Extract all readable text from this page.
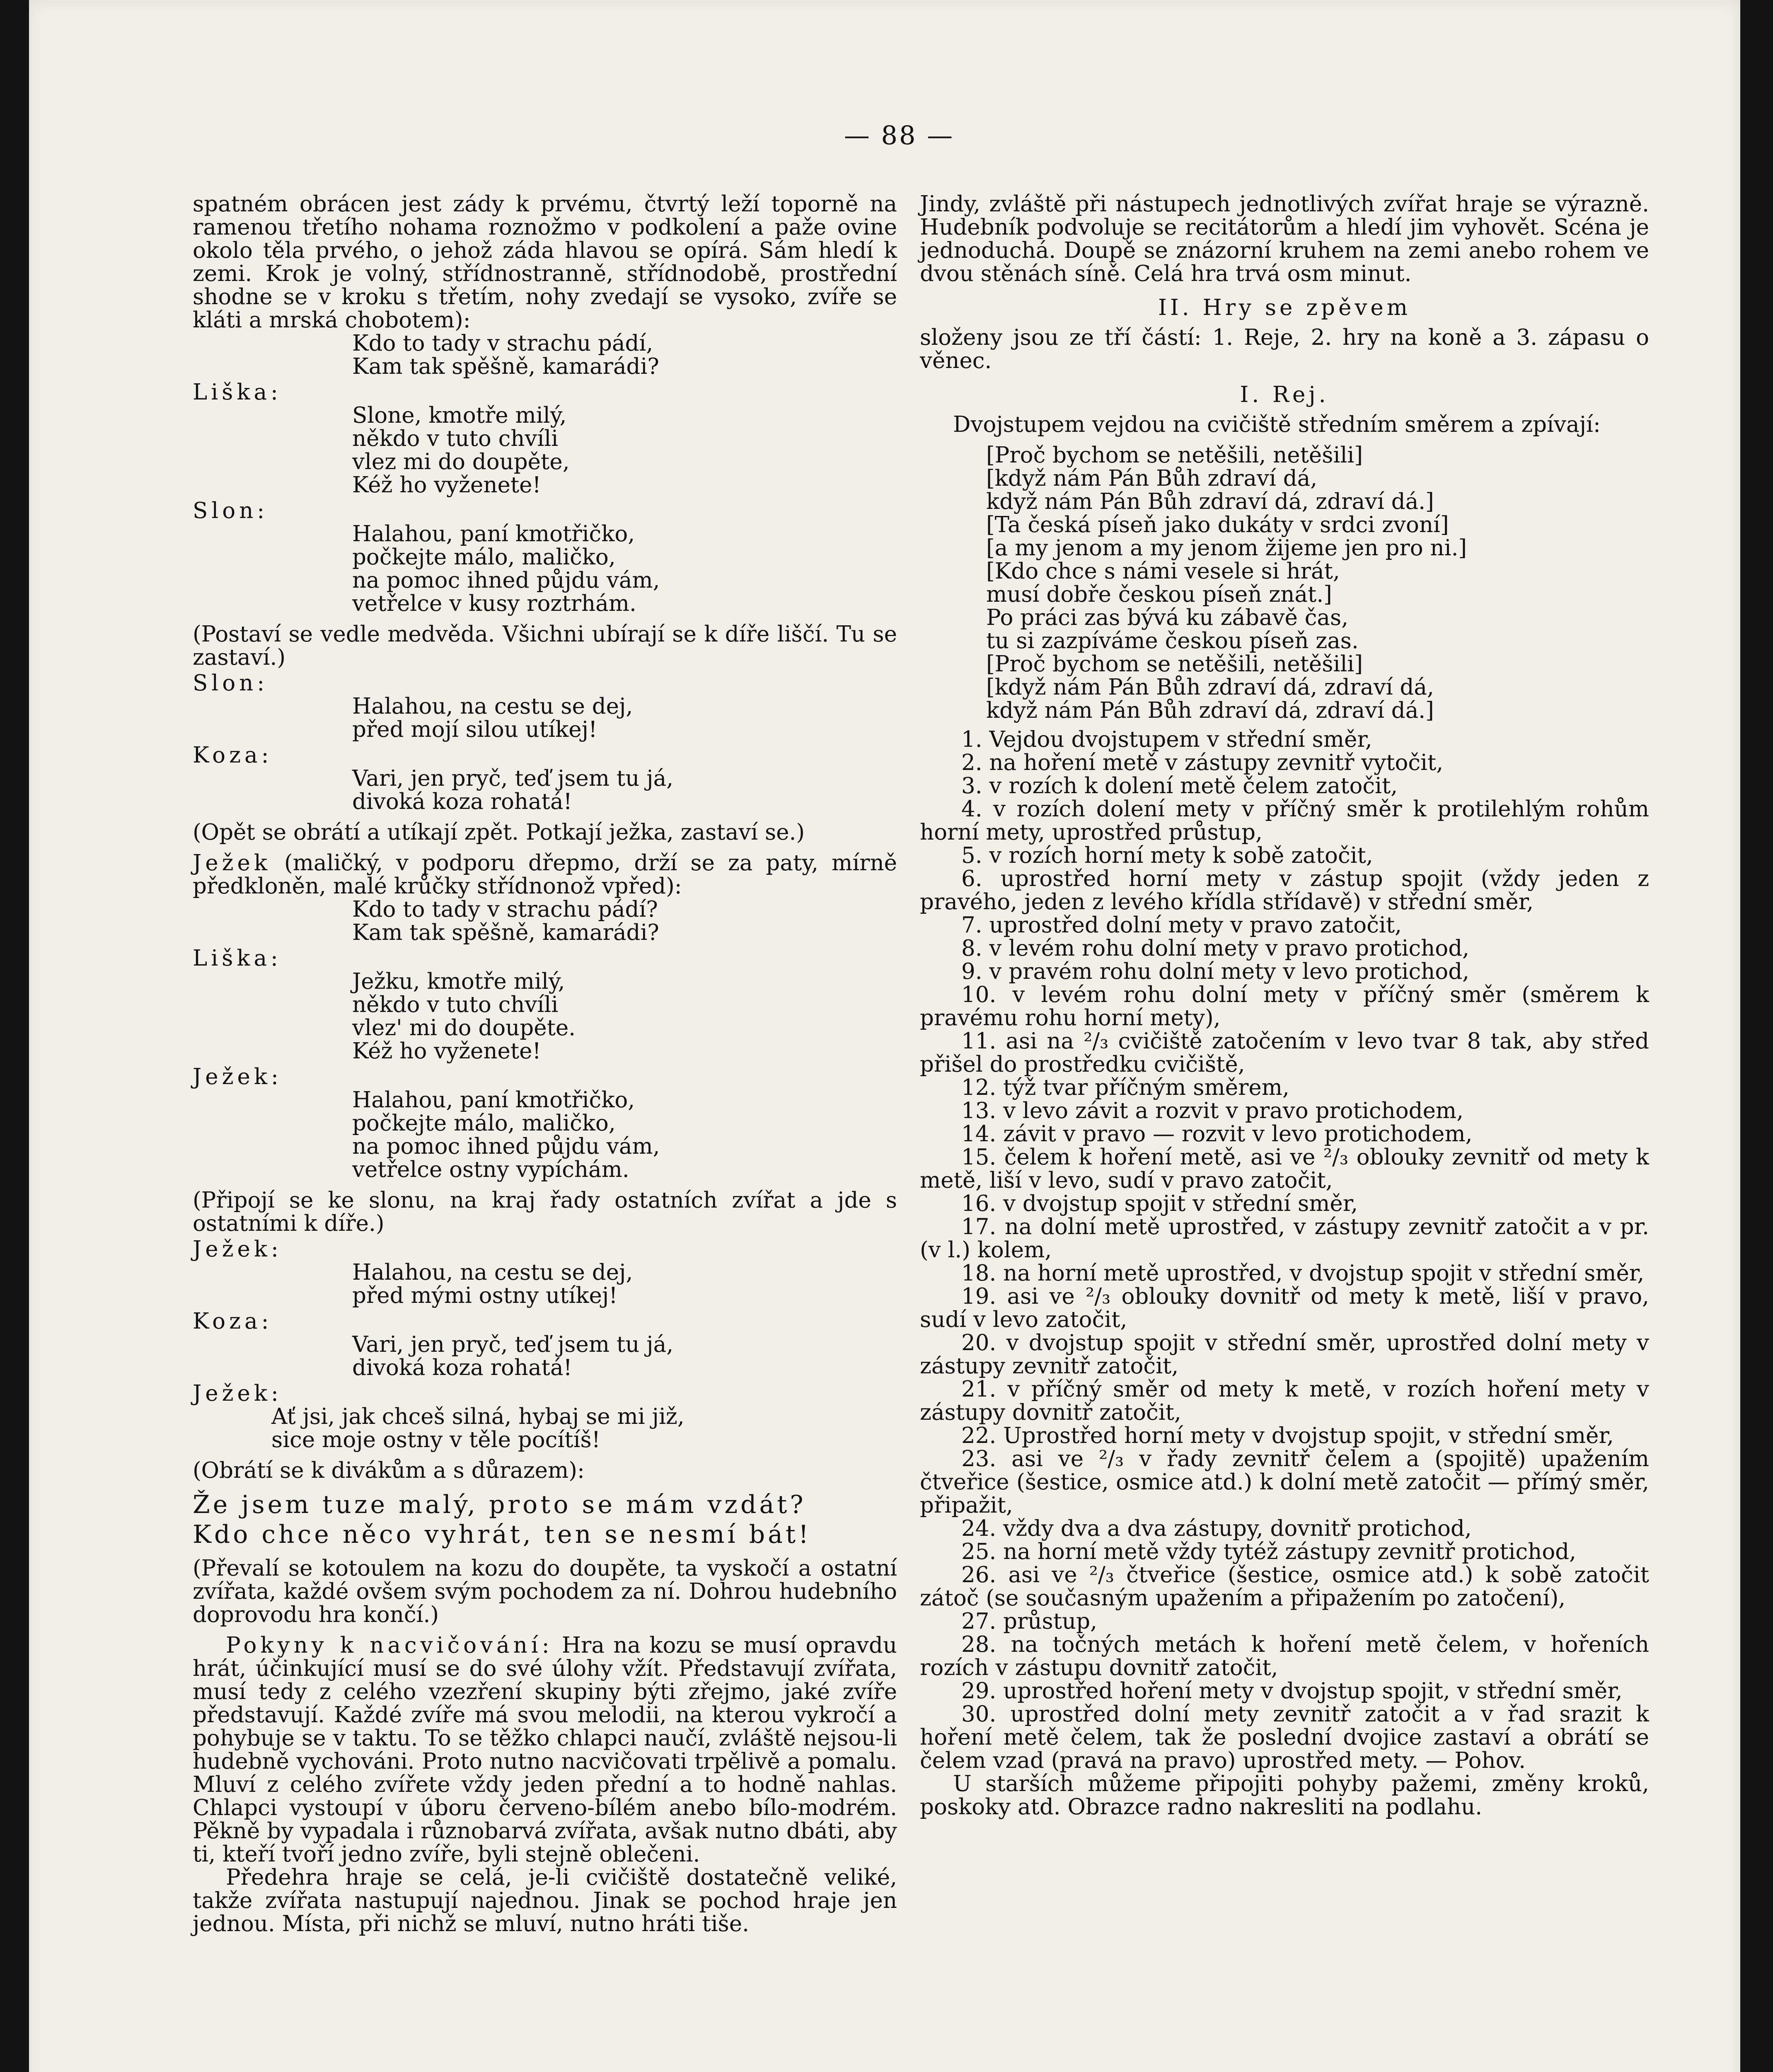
— 88 —

spatném obrácen jest zády k prvému, čtvrtý leží toporně na ramenou třetího nohama roznožmo v podkolení a paže ovine okolo těla prvého, o jehož záda hlavou se opírá. Sám hledí k zemi. Krok je volný, střídnostranně, střídnodobě, prostřední shodne se v kroku s třetím, nohy zvedají se vysoko, zvíře se kláti a mrská chobotem):

Kdo to tady v strachu pádí,
Kam tak spěšně, kamarádi?
Liška:
Slone, kmotře milý,
někdo v tuto chvíli
vlez mi do doupěte,
Kéž ho vyženete!
Slon:
Halahou, paní kmotřičko,
počkejte málo, maličko,
na pomoc ihned půjdu vám,
vetřelce v kusy roztrhám.

(Postaví se vedle medvěda. Všichni ubírají se k díře liščí. Tu se zastaví.)

Slon:
Halahou, na cestu se dej,
před mojí silou utíkej!
Koza:
Vari, jen pryč, teď jsem tu já,
divoká koza rohatá!

(Opět se obrátí a utíkají zpět. Potkají ježka, zastaví se.)

Ježek (maličký, v podporu dřepmo, drží se za paty, mírně předkloněn, malé krůčky střídnonož vpřed):

Kdo to tady v strachu pádí?
Kam tak spěšně, kamarádi?
Liška:
Ježku, kmotře milý,
někdo v tuto chvíli
vlez' mi do doupěte.
Kéž ho vyženete!
Ježek:
Halahou, paní kmotřičko,
počkejte málo, maličko,
na pomoc ihned půjdu vám,
vetřelce ostny vypíchám.

(Připojí se ke slonu, na kraj řady ostatních zvířat a jde s ostatními k díře.)

Ježek:
Halahou, na cestu se dej,
před mými ostny utíkej!
Koza:
Vari, jen pryč, teď jsem tu já,
divoká koza rohatá!
Ježek:
Ať jsi, jak chceš silná, hybaj se mi již,
sice moje ostny v těle pocítíš!

(Obrátí se k divákům a s důrazem):

Že jsem tuze malý, proto se mám vzdát?
Kdo chce něco vyhrát, ten se nesmí bát!

(Převalí se kotoulem na kozu do doupěte, ta vyskočí a ostatní zvířata, každé ovšem svým pochodem za ní. Dohrou hudebního doprovodu hra končí.)

Pokyny k nacvičování: Hra na kozu se musí opravdu hrát, účinkující musí se do své úlohy vžít. Představují zvířata, musí tedy z celého vzezření skupiny býti zřejmo, jaké zvíře představují. Každé zvíře má svou melodii, na kterou vykročí a pohybuje se v taktu. To se těžko chlapci naučí, zvláště nejsou-li hudebně vychováni. Proto nutno nacvičovati trpělivě a pomalu. Mluví z celého zvířete vždy jeden přední a to hodně nahlas. Chlapci vystoupí v úboru červeno-bílém anebo bílo-modrém. Pěkně by vypadala i různobarvá zvířata, avšak nutno dbáti, aby ti, kteří tvoří jedno zvíře, byli stejně oblečeni.

Předehra hraje se celá, je-li cvičiště dostatečně veliké, takže zvířata nastupují najednou. Jinak se pochod hraje jen jednou. Místa, při nichž se mluví, nutno hráti tiše.

Jindy, zvláště při nástupech jednotlivých zvířat hraje se výrazně. Hudebník podvoluje se recitátorům a hledí jim vyhovět. Scéna je jednoduchá. Doupě se znázorní kruhem na zemi anebo rohem ve dvou stěnách síně. Celá hra trvá osm minut.

II. Hry se zpěvem

složeny jsou ze tří částí: 1. Reje, 2. hry na koně a 3. zápasu o věnec.

I. Rej.

Dvojstupem vejdou na cvičiště středním směrem a zpívají:

[Proč bychom se netěšili, netěšili]
[když nám Pán Bůh zdraví dá,
když nám Pán Bůh zdraví dá, zdraví dá.]
[Ta česká píseň jako dukáty v srdci zvoní]
[a my jenom a my jenom žijeme jen pro ni.]
[Kdo chce s námi vesele si hrát,
musí dobře českou píseň znát.]
Po práci zas bývá ku zábavě čas,
tu si zazpíváme českou píseň zas.
[Proč bychom se netěšili, netěšili]
[když nám Pán Bůh zdraví dá, zdraví dá,
když nám Pán Bůh zdraví dá, zdraví dá.]
1. Vejdou dvojstupem v střední směr,
2. na hoření metě v zástupy zevnitř vytočit,
3. v rozích k dolení metě čelem zatočit,
4. v rozích dolení mety v příčný směr k protilehlým rohům horní mety, uprostřed průstup,
5. v rozích horní mety k sobě zatočit,
6. uprostřed horní mety v zástup spojit (vždy jeden z pravého, jeden z levého křídla střídavě) v střední směr,
7. uprostřed dolní mety v pravo zatočit,
8. v levém rohu dolní mety v pravo protichod,
9. v pravém rohu dolní mety v levo protichod,
10. v levém rohu dolní mety v příčný směr (směrem k pravému rohu horní mety),
11. asi na ²/₃ cvičiště zatočením v levo tvar 8 tak, aby střed přišel do prostředku cvičiště,
12. týž tvar příčným směrem,
13. v levo závit a rozvit v pravo protichodem,
14. závit v pravo — rozvit v levo protichodem,
15. čelem k hoření metě, asi ve ²/₃ oblouky zevnitř od mety k metě, liší v levo, sudí v pravo zatočit,
16. v dvojstup spojit v střední směr,
17. na dolní metě uprostřed, v zástupy zevnitř zatočit a v pr. (v l.) kolem,
18. na horní metě uprostřed, v dvojstup spojit v střední směr,
19. asi ve ²/₃ oblouky dovnitř od mety k metě, liší v pravo, sudí v levo zatočit,
20. v dvojstup spojit v střední směr, uprostřed dolní mety v zástupy zevnitř zatočit,
21. v příčný směr od mety k metě, v rozích hoření mety v zástupy dovnitř zatočit,
22. Uprostřed horní mety v dvojstup spojit, v střední směr,
23. asi ve ²/₃ v řady zevnitř čelem a (spojitě) upažením čtveřice (šestice, osmice atd.) k dolní metě zatočit — přímý směr, připažit,
24. vždy dva a dva zástupy, dovnitř protichod,
25. na horní metě vždy tytéž zástupy zevnitř protichod,
26. asi ve ²/₃ čtveřice (šestice, osmice atd.) k sobě zatočit zátoč (se současným upažením a připažením po zatočení),
27. průstup,
28. na točných metách k hoření metě čelem, v hořeních rozích v zástupu dovnitř zatočit,
29. uprostřed hoření mety v dvojstup spojit, v střední směr,
30. uprostřed dolní mety zevnitř zatočit a v řad srazit k hoření metě čelem, tak že poslední dvojice zastaví a obrátí se čelem vzad (pravá na pravo) uprostřed mety. — Pohov.

U starších můžeme připojiti pohyby pažemi, změny kroků, poskoky atd. Obrazce radno nakresliti na podlahu.
